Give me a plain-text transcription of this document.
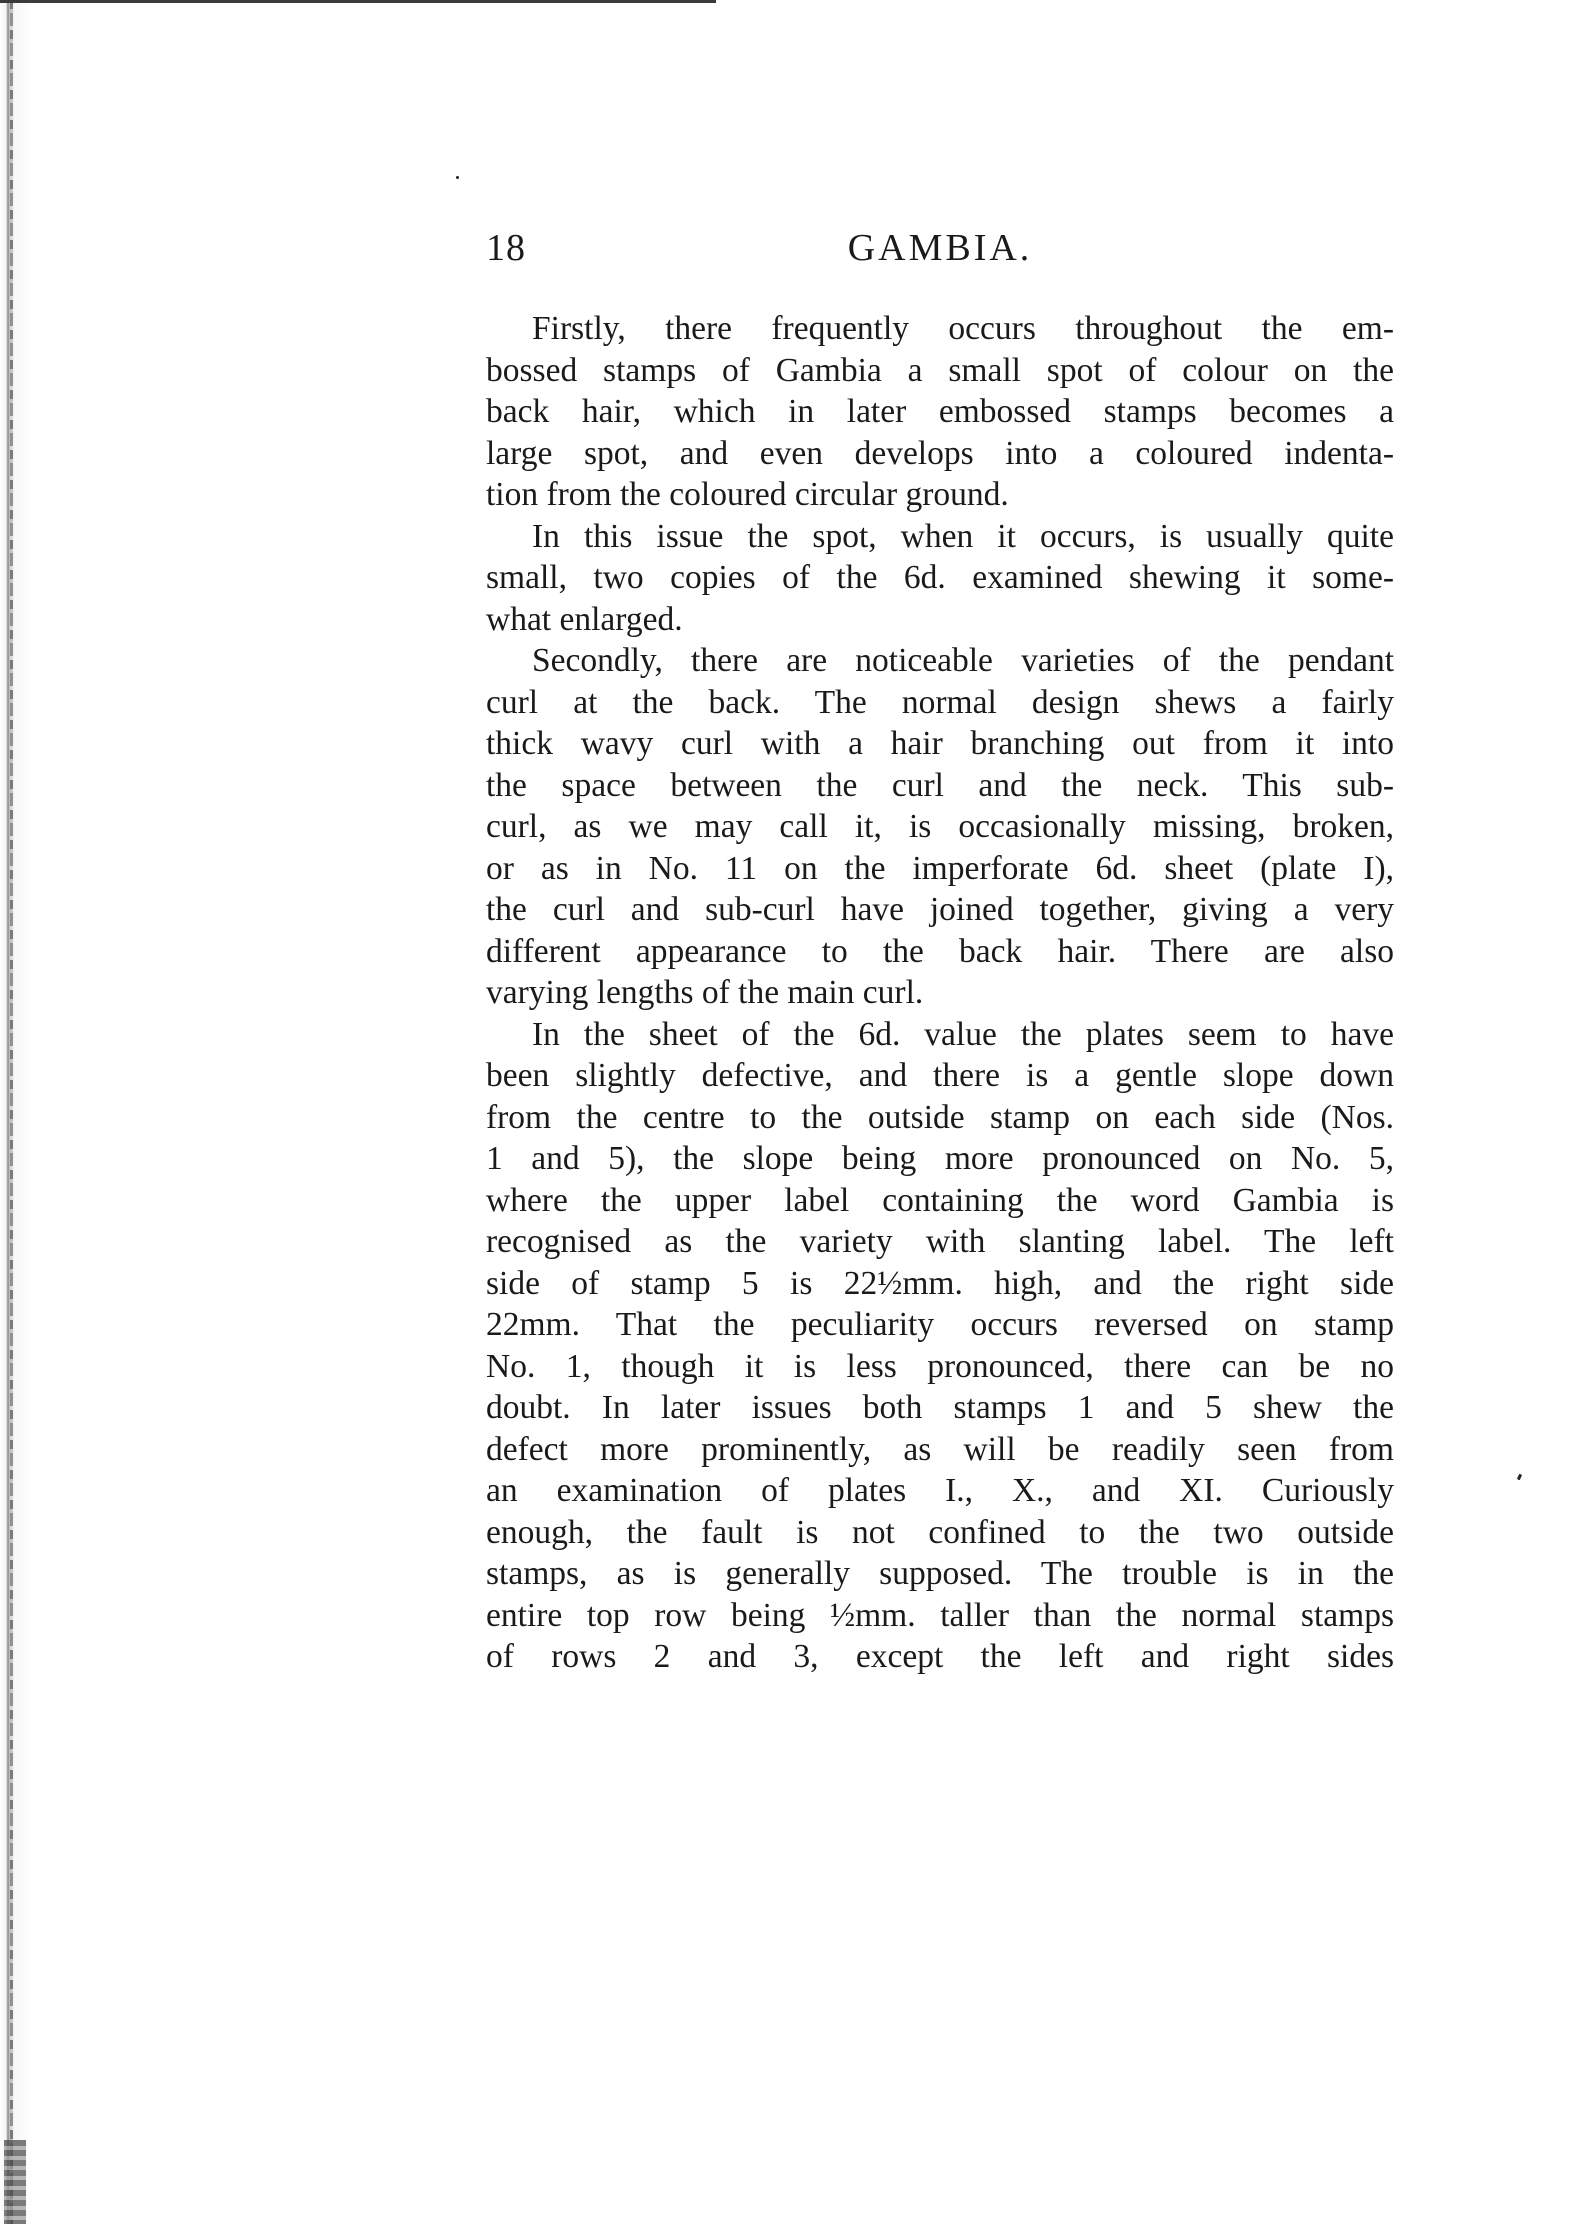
18	GAMBIA.
Firstly, there frequently occurs throughout the em-
bossed stamps of Gambia a small spot of colour on the
back hair, which in later embossed stamps becomes a
large spot, and even develops into a coloured indenta-
tion from the coloured circular ground.
In this issue the spot, when it occurs, is usually quite
small, two copies of the 6d. examined shewing it some-
what enlarged.
Secondly, there are noticeable varieties of the pendant
curl at the back. The normal design shews a fairly
thick wavy curl with a hair branching out from it into
the space between the curl and the neck. This sub-
curl, as we may call it, is occasionally missing, broken,
or as in No. 11 on the imperforate 6d. sheet (plate I),
the curl and sub-curl have joined together, giving a very
different appearance to the back hair. There are also
varying lengths of the main curl.
In the sheet of the 6d. value the plates seem to have
been slightly defective, and there is a gentle slope down
from the centre to the outside stamp on each side (Nos.
1 and 5), the slope being more pronounced on No. 5,
where the upper label containing the word Gambia is
recognised as the variety with slanting label. The left
side of stamp 5 is 22½mm. high, and the right side
22mm. That the peculiarity occurs reversed on stamp
No. 1, though it is less pronounced, there can be no
doubt. In later issues both stamps 1 and 5 shew the
defect more prominently, as will be readily seen from
an examination of plates I., X., and XI. Curiously
enough, the fault is not confined to the two outside
stamps, as is generally supposed. The trouble is in the
entire top row being ½mm. taller than the normal stamps
of rows 2 and 3, except the left and right sides
